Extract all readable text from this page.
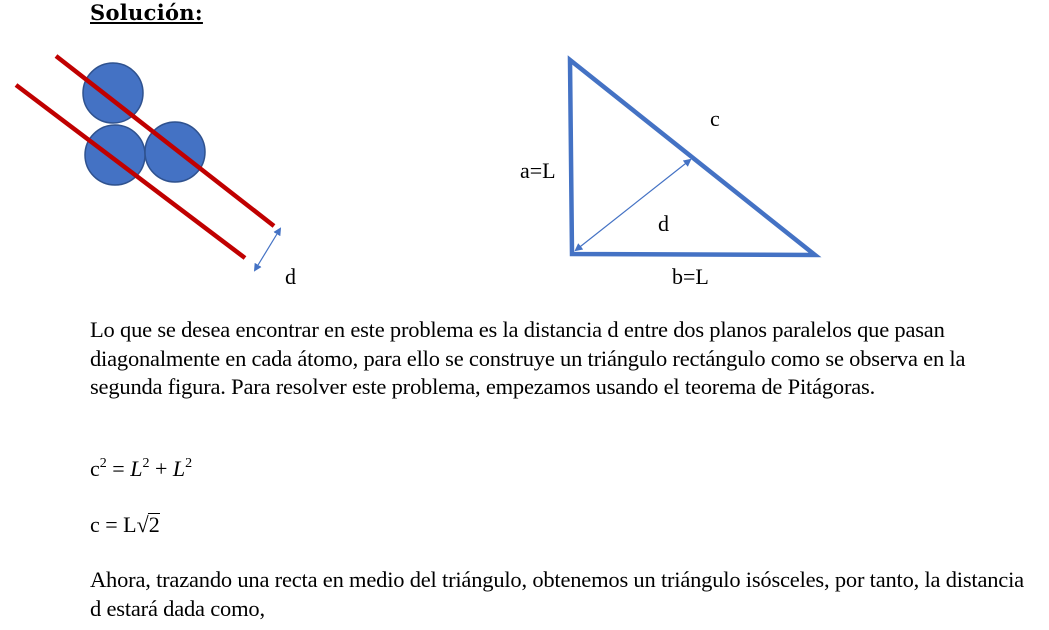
Solución:
d
a=L
b=L
c
d
Lo que se desea encontrar en este problema es la distancia d entre dos planos paralelos que pasan diagonalmente en cada átomo, para ello se construye un triángulo rectángulo como se observa en la segunda figura. Para resolver este problema, empezamos usando el teorema de Pitágoras.
$c^2 = L^2 + L^2$
c = L√2
Ahora, trazando una recta en medio del triángulo, obtenemos un triángulo isósceles, por tanto, la distancia d estará dada como,
